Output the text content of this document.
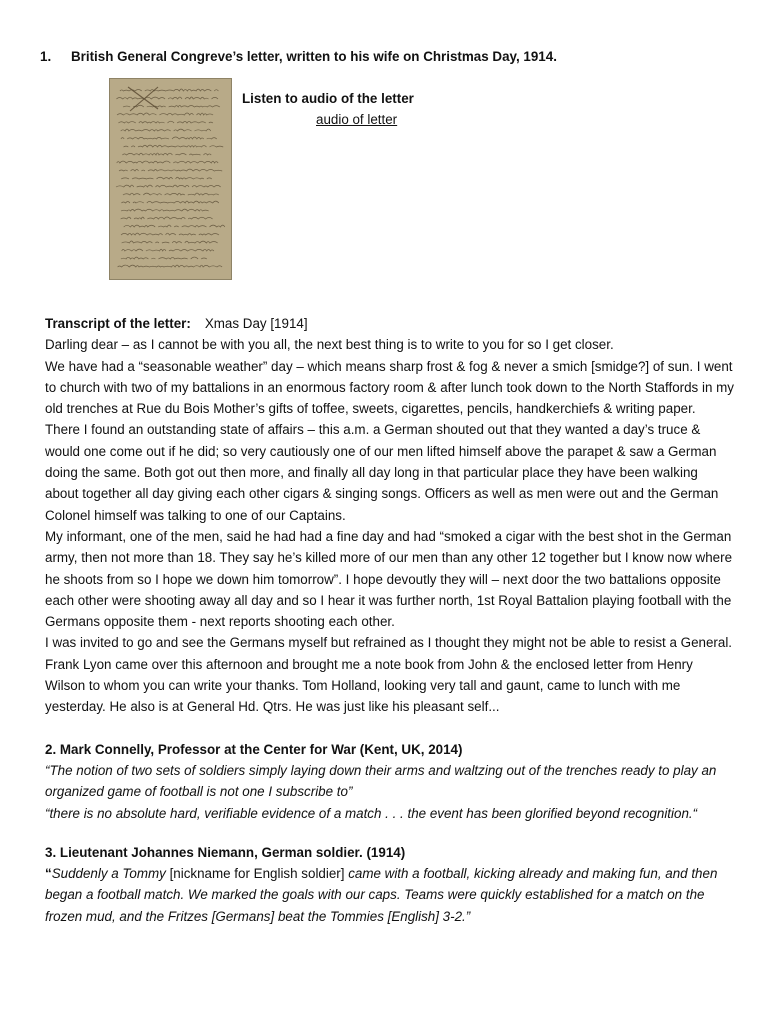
1. British General Congreve’s letter, written to his wife on Christmas Day, 1914.
Listen to audio of the letter
audio of letter

Transcript of the letter: Xmas Day [1914]

Darling dear – as I cannot be with you all, the next best thing is to write to you for so I get closer.

We have had a “seasonable weather” day – which means sharp frost & fog & never a smich [smidge?] of sun. I went to church with two of my battalions in an enormous factory room & after lunch took down to the North Staffords in my old trenches at Rue du Bois Mother’s gifts of toffee, sweets, cigarettes, pencils, handkerchiefs & writing paper.

There I found an outstanding state of affairs – this a.m. a German shouted out that they wanted a day’s truce & would one come out if he did; so very cautiously one of our men lifted himself above the parapet & saw a German doing the same. Both got out then more, and finally all day long in that particular place they have been walking about together all day giving each other cigars & singing songs. Officers as well as men were out and the German Colonel himself was talking to one of our Captains.

My informant, one of the men, said he had had a fine day and had “smoked a cigar with the best shot in the German army, then not more than 18. They say he’s killed more of our men than any other 12 together but I know now where he shoots from so I hope we down him tomorrow”. I hope devoutly they will – next door the two battalions opposite each other were shooting away all day and so I hear it was further north, 1st Royal Battalion playing football with the Germans opposite them - next reports shooting each other.

I was invited to go and see the Germans myself but refrained as I thought they might not be able to resist a General. Frank Lyon came over this afternoon and brought me a note book from John & the enclosed letter from Henry Wilson to whom you can write your thanks. Tom Holland, looking very tall and gaunt, came to lunch with me yesterday. He also is at General Hd. Qtrs. He was just like his pleasant self...

2. Mark Connelly, Professor at the Center for War (Kent, UK, 2014)

“The notion of two sets of soldiers simply laying down their arms and waltzing out of the trenches ready to play an organized game of football is not one I subscribe to”

“there is no absolute hard, verifiable evidence of a match . . . the event has been glorified beyond recognition.“

3. Lieutenant Johannes Niemann, German soldier. (1914)

“Suddenly a Tommy [nickname for English soldier] came with a football, kicking already and making fun, and then began a football match. We marked the goals with our caps. Teams were quickly established for a match on the frozen mud, and the Fritzes [Germans] beat the Tommies [English] 3-2.”
